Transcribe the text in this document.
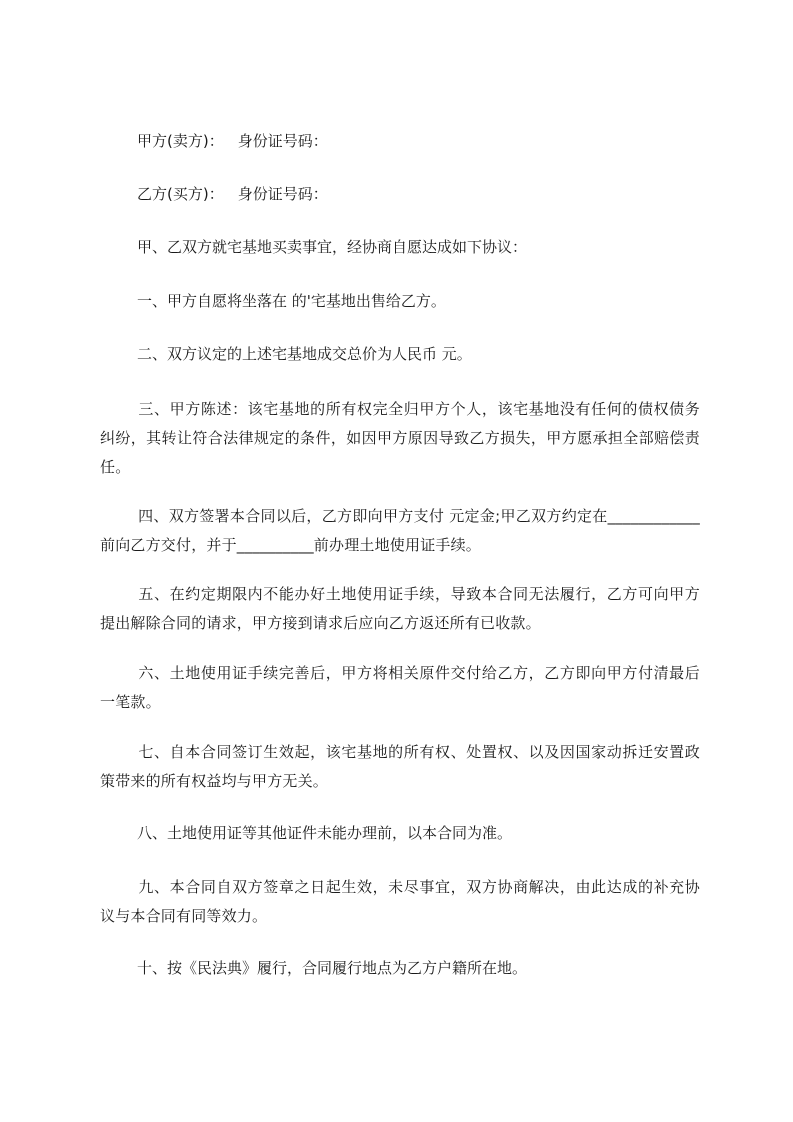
甲方(卖方)： 身份证号码：
乙方(买方)： 身份证号码：
甲、乙双方就宅基地买卖事宜，经协商自愿达成如下协议：
一、甲方自愿将坐落在 的'宅基地出售给乙方。
二、双方议定的上述宅基地成交总价为人民币 元。
三、甲方陈述：该宅基地的所有权完全归甲方个人，该宅基地没有任何的债权债务纠纷，其转让符合法律规定的条件，如因甲方原因导致乙方损失，甲方愿承担全部赔偿责任。
四、双方签署本合同以后，乙方即向甲方支付 元定金;甲乙双方约定在____________前向乙方交付，并于__________前办理土地使用证手续。
五、在约定期限内不能办好土地使用证手续，导致本合同无法履行，乙方可向甲方提出解除合同的请求，甲方接到请求后应向乙方返还所有已收款。
六、土地使用证手续完善后，甲方将相关原件交付给乙方，乙方即向甲方付清最后一笔款。
七、自本合同签订生效起，该宅基地的所有权、处置权、以及因国家动拆迁安置政策带来的所有权益均与甲方无关。
八、土地使用证等其他证件未能办理前，以本合同为准。
九、本合同自双方签章之日起生效，未尽事宜，双方协商解决，由此达成的补充协议与本合同有同等效力。
十、按《民法典》履行，合同履行地点为乙方户籍所在地。
